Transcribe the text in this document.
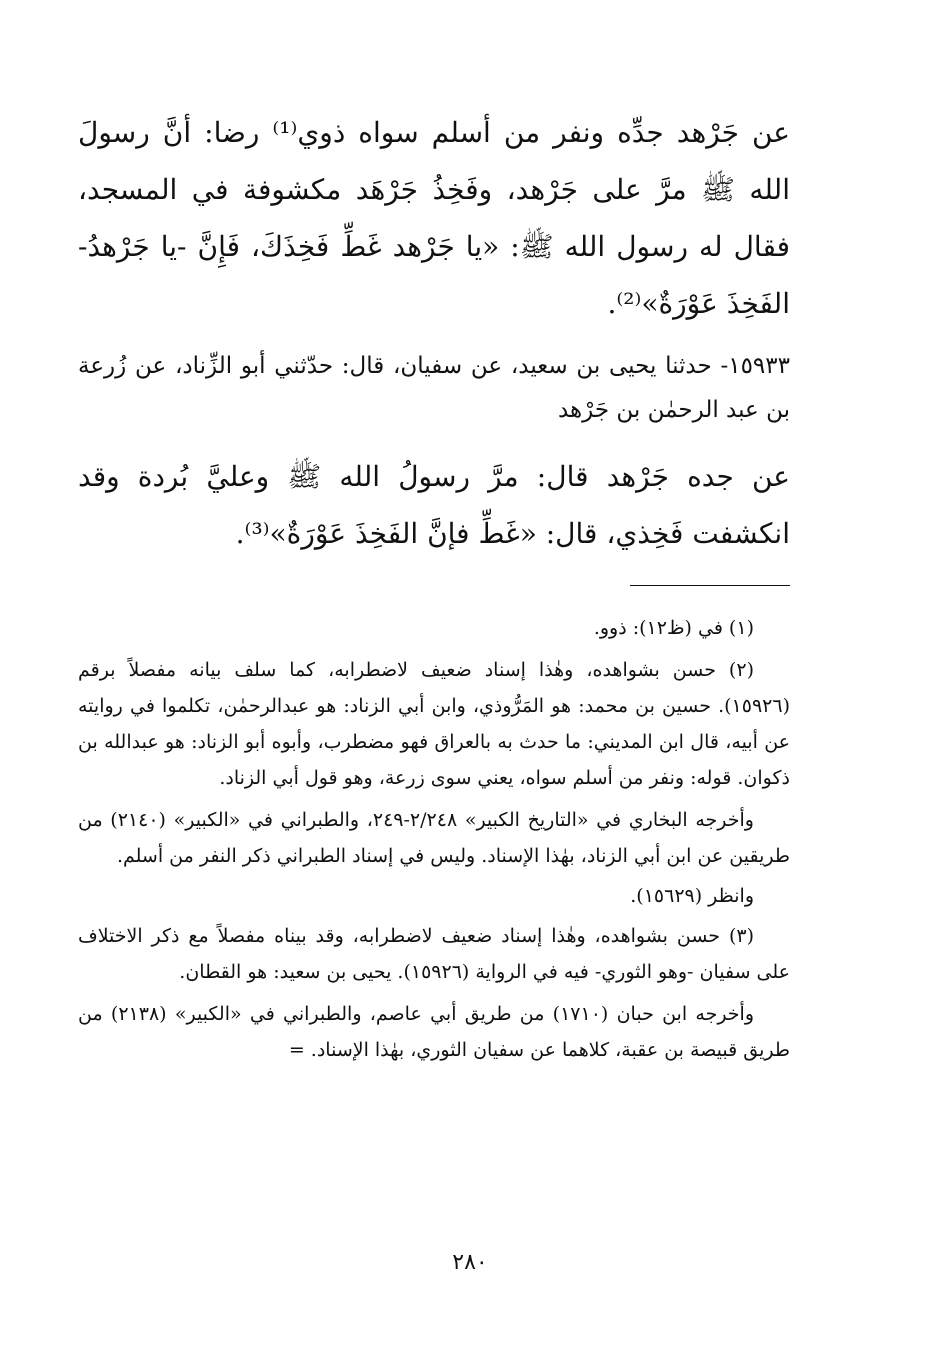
عن جَرْهد جدِّه ونفر من أسلم سواه ذوي⁽¹⁾ رضا: أنَّ رسولَ الله ﷺ مرَّ على جَرْهد، وفَخِذُ جَرْهَد مكشوفة في المسجد، فقال له رسول الله ﷺ: «يا جَرْهد غَطِّ فَخِذَكَ، فَإِنَّ -يا جَرْهدُ- الفَخِذَ عَوْرَةٌ»⁽²⁾.

١٥٩٣٣- حدثنا يحيى بن سعيد، عن سفيان، قال: حدّثني أبو الزِّناد، عن زُرعة بن عبد الرحمٰن بن جَرْهد

عن جده جَرْهد قال: مرَّ رسولُ الله ﷺ وعليَّ بُردة وقد انكشفت فَخِذي، قال: «غَطِّ فإنَّ الفَخِذَ عَوْرَةٌ»⁽³⁾.

(١) في (ظ١٢): ذوو.

(٢) حسن بشواهده، وهٰذا إسناد ضعيف لاضطرابه، كما سلف بيانه مفصلاً برقم (١٥٩٢٦). حسين بن محمد: هو المَرُّوذي، وابن أبي الزناد: هو عبدالرحمٰن، تكلموا في روايته عن أبيه، قال ابن المديني: ما حدث به بالعراق فهو مضطرب، وأبوه أبو الزناد: هو عبدالله بن ذكوان. قوله: ونفر من أسلم سواه، يعني سوى زرعة، وهو قول أبي الزناد.

وأخرجه البخاري في «التاريخ الكبير» ٢/٢٤٨-٢٤٩، والطبراني في «الكبير» (٢١٤٠) من طريقين عن ابن أبي الزناد، بهٰذا الإسناد. وليس في إسناد الطبراني ذكر النفر من أسلم.

وانظر (١٥٦٢٩).

(٣) حسن بشواهده، وهٰذا إسناد ضعيف لاضطرابه، وقد بيناه مفصلاً مع ذكر الاختلاف على سفيان -وهو الثوري- فيه في الرواية (١٥٩٢٦). يحيى بن سعيد: هو القطان.

وأخرجه ابن حبان (١٧١٠) من طريق أبي عاصم، والطبراني في «الكبير» (٢١٣٨) من طريق قبيصة بن عقبة، كلاهما عن سفيان الثوري، بهٰذا الإسناد. =

٢٨٠
